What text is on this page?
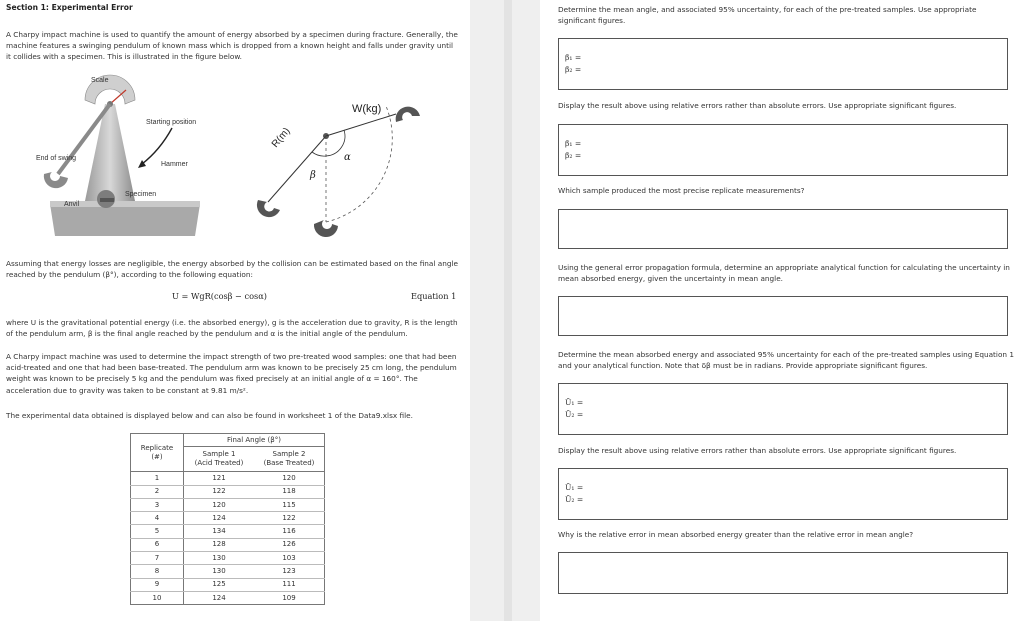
Section 1: Experimental Error

A Charpy impact machine is used to quantify the amount of energy absorbed by a specimen during fracture. Generally, the machine features a swinging pendulum of known mass which is dropped from a known height and falls under gravity until it collides with a specimen. This is illustrated in the figure below.

Scale
Starting position
Hammer
End of swing
Specimen
Anvil
W(kg)
R(m)
β
α

Assuming that energy losses are negligible, the energy absorbed by the collision can be estimated based on the final angle reached by the pendulum (β°), according to the following equation:

U = WgR(cosβ − cosα)	Equation 1

where U is the gravitational potential energy (i.e. the absorbed energy), g is the acceleration due to gravity, R is the length of the pendulum arm, β is the final angle reached by the pendulum and α is the initial angle of the pendulum.

A Charpy impact machine was used to determine the impact strength of two pre-treated wood samples: one that had been acid-treated and one that had been base-treated. The pendulum arm was known to be precisely 25 cm long, the pendulum weight was known to be precisely 5 kg and the pendulum was fixed precisely at an initial angle of α = 160°. The acceleration due to gravity was taken to be constant at 9.81 m/s².

The experimental data obtained is displayed below and can also be found in worksheet 1 of the Data9.xlsx file.

Replicate
(#)	Final Angle (β°)	
	Sample 1
(Acid Treated)	Sample 2
(Base Treated)
1	121	120
2	122	118
3	120	115
4	124	122
5	134	116
6	128	126
7	130	103
8	130	123
9	125	111
10	124	109

Determine the mean angle, and associated 95% uncertainty, for each of the pre-treated samples. Use appropriate significant figures.

β̄₁ =
β̄₂ =

Display the result above using relative errors rather than absolute errors. Use appropriate significant figures.

β̄₁ =
β̄₂ =

Which sample produced the most precise replicate measurements?

Using the general error propagation formula, determine an appropriate analytical function for calculating the uncertainty in mean absorbed energy, given the uncertainty in mean angle.

Determine the mean absorbed energy and associated 95% uncertainty for each of the pre-treated samples using Equation 1 and your analytical function. Note that δβ must be in radians. Provide appropriate significant figures.

Ū₁ =
Ū₂ =

Display the result above using relative errors rather than absolute errors. Use appropriate significant figures.

Ū₁ =
Ū₂ =

Why is the relative error in mean absorbed energy greater than the relative error in mean angle?
